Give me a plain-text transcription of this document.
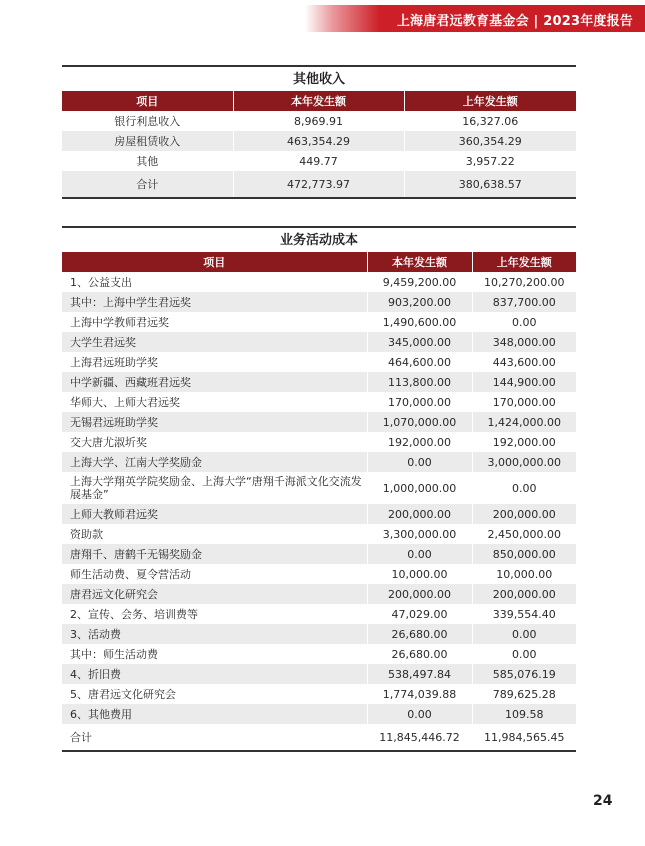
上海唐君远教育基金会 | 2023年度报告
其他收入
项目	本年发生额	上年发生额
银行利息收入	8,969.91	16,327.06
房屋租赁收入	463,354.29	360,354.29
其他	449.77	3,957.22
合计	472,773.97	380,638.57
业务活动成本
项目	本年发生额	上年发生额
1、公益支出	9,459,200.00	10,270,200.00
其中：上海中学生君远奖	903,200.00	837,700.00
上海中学教师君远奖	1,490,600.00	0.00
大学生君远奖	345,000.00	348,000.00
上海君远班助学奖	464,600.00	443,600.00
中学新疆、西藏班君远奖	113,800.00	144,900.00
华师大、上师大君远奖	170,000.00	170,000.00
无锡君远班助学奖	1,070,000.00	1,424,000.00
交大唐尤淑圻奖	192,000.00	192,000.00
上海大学、江南大学奖励金	0.00	3,000,000.00
上海大学翔英学院奖励金、上海大学“唐翔千海派文化交流发展基金”	1,000,000.00	0.00
上师大教师君远奖	200,000.00	200,000.00
资助款	3,300,000.00	2,450,000.00
唐翔千、唐鹤千无锡奖励金	0.00	850,000.00
师生活动费、夏令营活动	10,000.00	10,000.00
唐君远文化研究会	200,000.00	200,000.00
2、宣传、会务、培训费等	47,029.00	339,554.40
3、活动费	26,680.00	0.00
其中：师生活动费	26,680.00	0.00
4、折旧费	538,497.84	585,076.19
5、唐君远文化研究会	1,774,039.88	789,625.28
6、其他费用	0.00	109.58
合计	11,845,446.72	11,984,565.45
24
